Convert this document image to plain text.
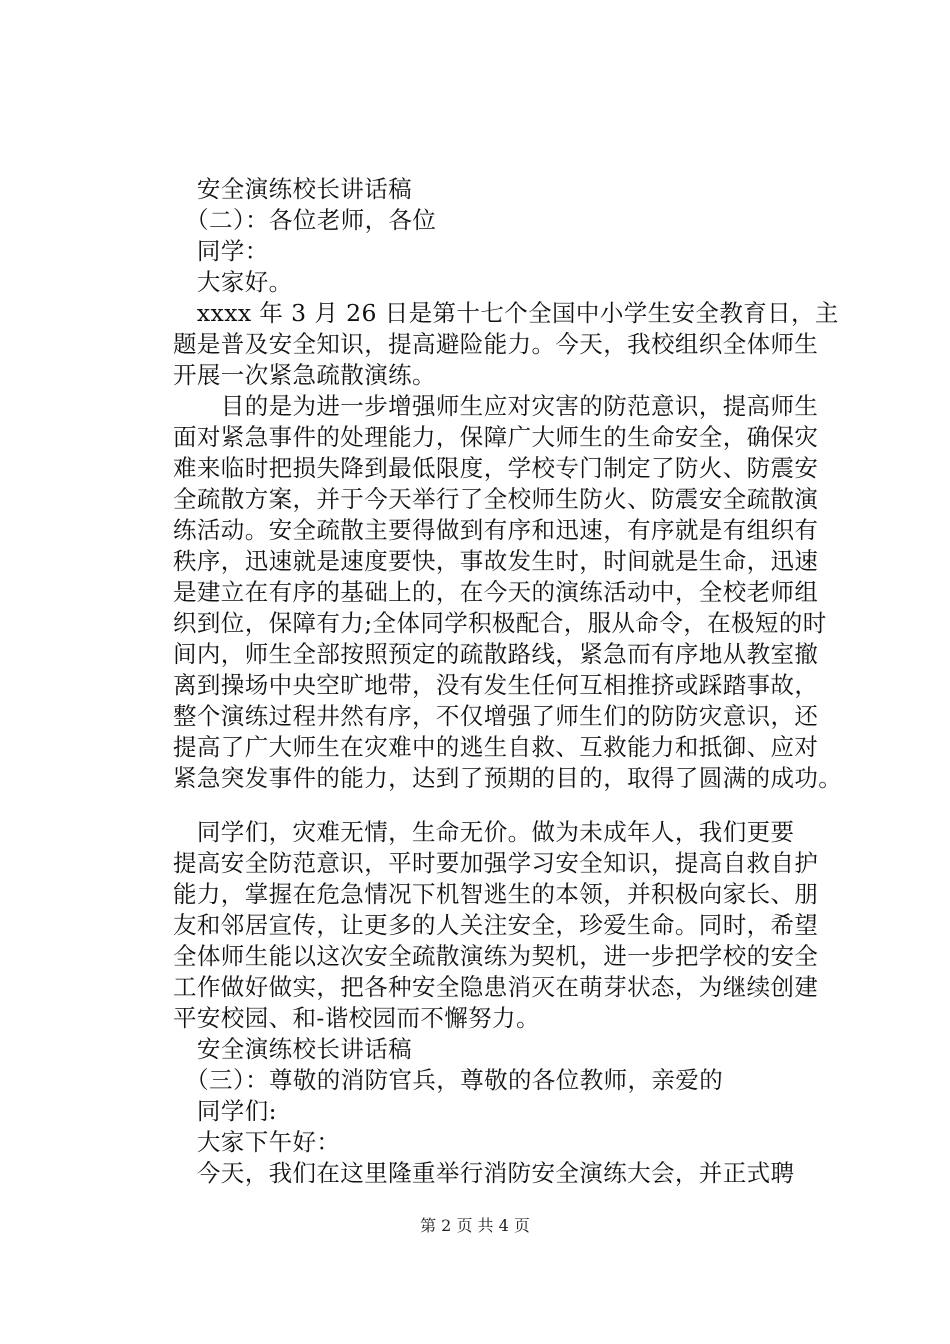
　安全演练校长讲话稿
　（二）：各位老师，各位
　同学：
　大家好。
　xxxx 年 3 月 26 日是第十七个全国中小学生安全教育日，主
题是普及安全知识，提高避险能力。今天，我校组织全体师生
开展一次紧急疏散演练。
　　目的是为进一步增强师生应对灾害的防范意识，提高师生
面对紧急事件的处理能力，保障广大师生的生命安全，确保灾
难来临时把损失降到最低限度，学校专门制定了防火、防震安
全疏散方案，并于今天举行了全校师生防火、防震安全疏散演
练活动。安全疏散主要得做到有序和迅速，有序就是有组织有
秩序，迅速就是速度要快，事故发生时，时间就是生命，迅速
是建立在有序的基础上的，在今天的演练活动中，全校老师组
织到位，保障有力;全体同学积极配合，服从命令，在极短的时
间内，师生全部按照预定的疏散路线，紧急而有序地从教室撤
离到操场中央空旷地带，没有发生任何互相推挤或踩踏事故，
整个演练过程井然有序，不仅增强了师生们的防防灾意识，还
提高了广大师生在灾难中的逃生自救、互救能力和抵御、应对
紧急突发事件的能力，达到了预期的目的，取得了圆满的成功。
　同学们，灾难无情，生命无价。做为未成年人，我们更要
提高安全防范意识，平时要加强学习安全知识，提高自救自护
能力，掌握在危急情况下机智逃生的本领，并积极向家长、朋
友和邻居宣传，让更多的人关注安全，珍爱生命。同时，希望
全体师生能以这次安全疏散演练为契机，进一步把学校的安全
工作做好做实，把各种安全隐患消灭在萌芽状态，为继续创建
平安校园、和-谐校园而不懈努力。
　安全演练校长讲话稿
　（三）：尊敬的消防官兵，尊敬的各位教师，亲爱的
　同学们:
　大家下午好：
　今天，我们在这里隆重举行消防安全演练大会，并正式聘
第 2 页 共 4 页
